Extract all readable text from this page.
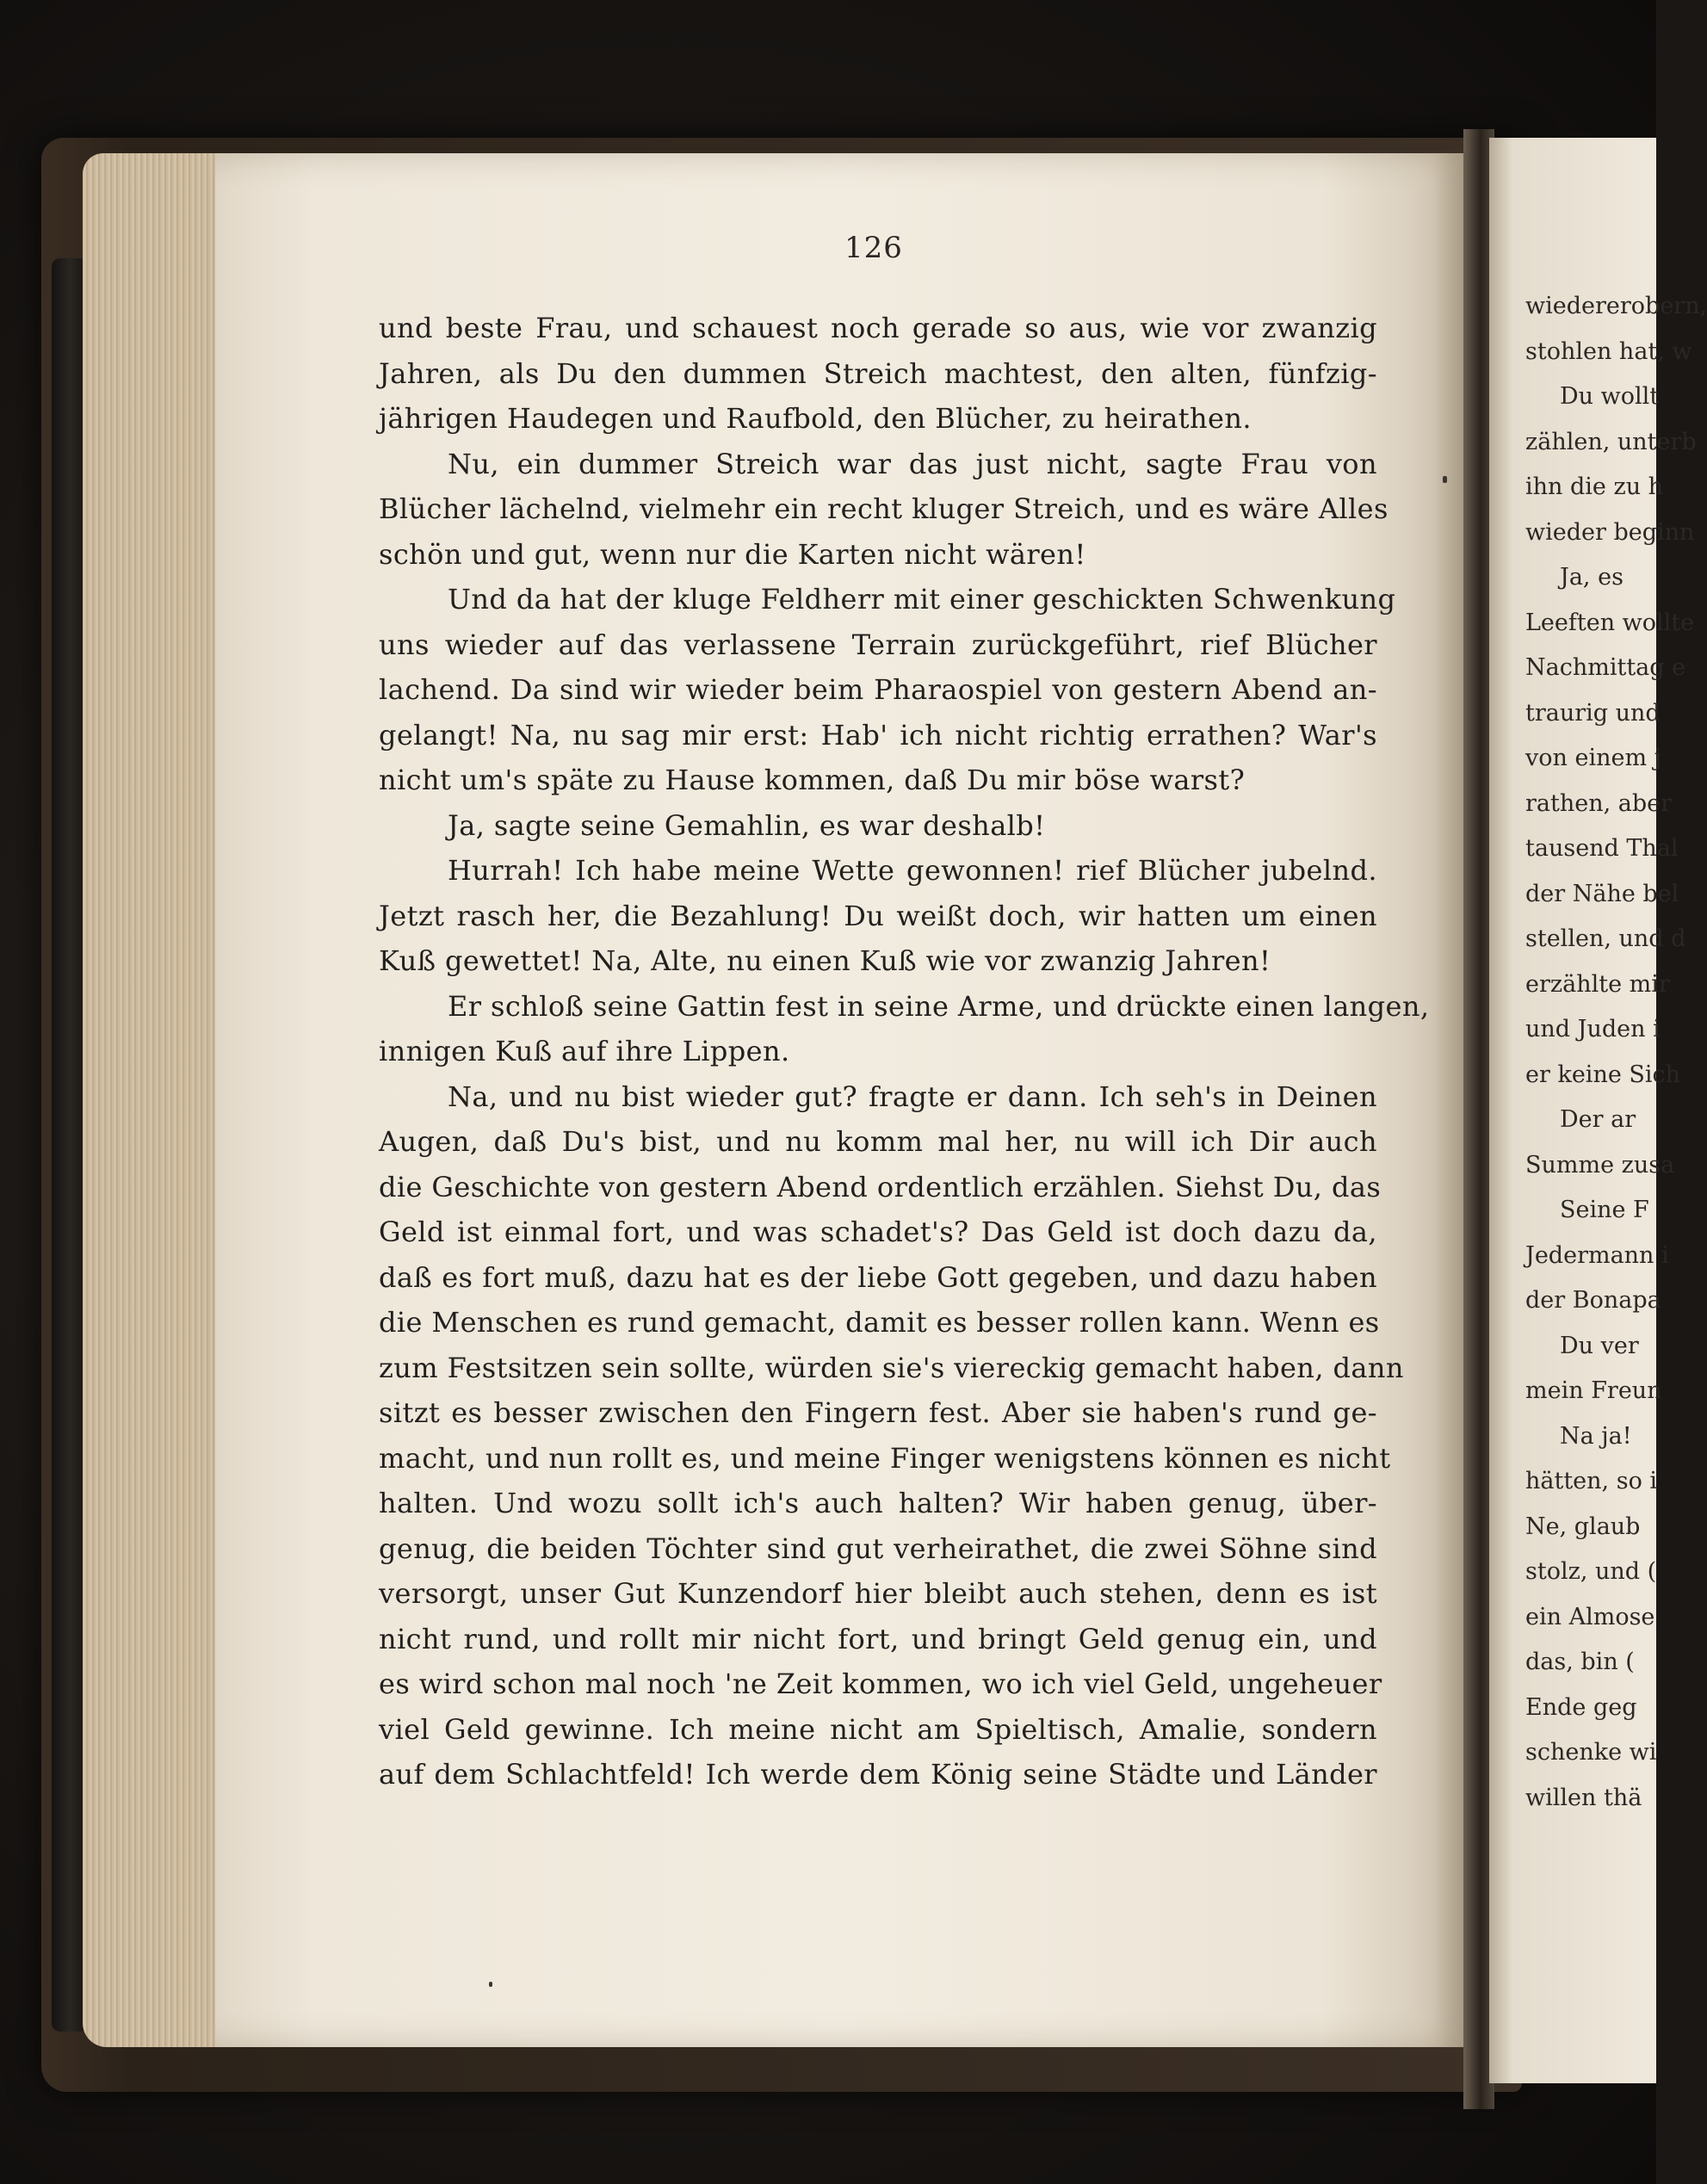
126
und beste Frau, und schauest noch gerade so aus, wie vor zwanzig
Jahren, als Du den dummen Streich machtest, den alten, fünfzig-
jährigen Haudegen und Raufbold, den Blücher, zu heirathen.
Nu, ein dummer Streich war das just nicht, sagte Frau von
Blücher lächelnd, vielmehr ein recht kluger Streich, und es wäre Alles
schön und gut, wenn nur die Karten nicht wären!
Und da hat der kluge Feldherr mit einer geschickten Schwenkung
uns wieder auf das verlassene Terrain zurückgeführt, rief Blücher
lachend. Da sind wir wieder beim Pharaospiel von gestern Abend an-
gelangt! Na, nu sag mir erst: Hab' ich nicht richtig errathen? War's
nicht um's späte zu Hause kommen, daß Du mir böse warst?
Ja, sagte seine Gemahlin, es war deshalb!
Hurrah! Ich habe meine Wette gewonnen! rief Blücher jubelnd.
Jetzt rasch her, die Bezahlung! Du weißt doch, wir hatten um einen
Kuß gewettet! Na, Alte, nu einen Kuß wie vor zwanzig Jahren!
Er schloß seine Gattin fest in seine Arme, und drückte einen langen,
innigen Kuß auf ihre Lippen.
Na, und nu bist wieder gut? fragte er dann. Ich seh's in Deinen
Augen, daß Du's bist, und nu komm mal her, nu will ich Dir auch
die Geschichte von gestern Abend ordentlich erzählen. Siehst Du, das
Geld ist einmal fort, und was schadet's? Das Geld ist doch dazu da,
daß es fort muß, dazu hat es der liebe Gott gegeben, und dazu haben
die Menschen es rund gemacht, damit es besser rollen kann. Wenn es
zum Festsitzen sein sollte, würden sie's viereckig gemacht haben, dann
sitzt es besser zwischen den Fingern fest. Aber sie haben's rund ge-
macht, und nun rollt es, und meine Finger wenigstens können es nicht
halten. Und wozu sollt ich's auch halten? Wir haben genug, über-
genug, die beiden Töchter sind gut verheirathet, die zwei Söhne sind
versorgt, unser Gut Kunzendorf hier bleibt auch stehen, denn es ist
nicht rund, und rollt mir nicht fort, und bringt Geld genug ein, und
es wird schon mal noch 'ne Zeit kommen, wo ich viel Geld, ungeheuer
viel Geld gewinne. Ich meine nicht am Spieltisch, Amalie, sondern
auf dem Schlachtfeld! Ich werde dem König seine Städte und Länder
wiedererobern,
stohlen hat, w
Du wollt
zählen, unterb
ihn die zu h
wieder beginn
Ja, es
Leeften wollte
Nachmittag e
traurig und
von einem j
rathen, aber
tausend Thal
der Nähe bel
stellen, und d
erzählte mir
und Juden i
er keine Sich
Der ar
Summe zusa
Seine F
Jedermann i
der Bonapa
Du ver
mein Freun
Na ja!
hätten, so i
Ne, glaub
stolz, und (
ein Almose
das, bin (
Ende geg
schenke wi
willen thä
